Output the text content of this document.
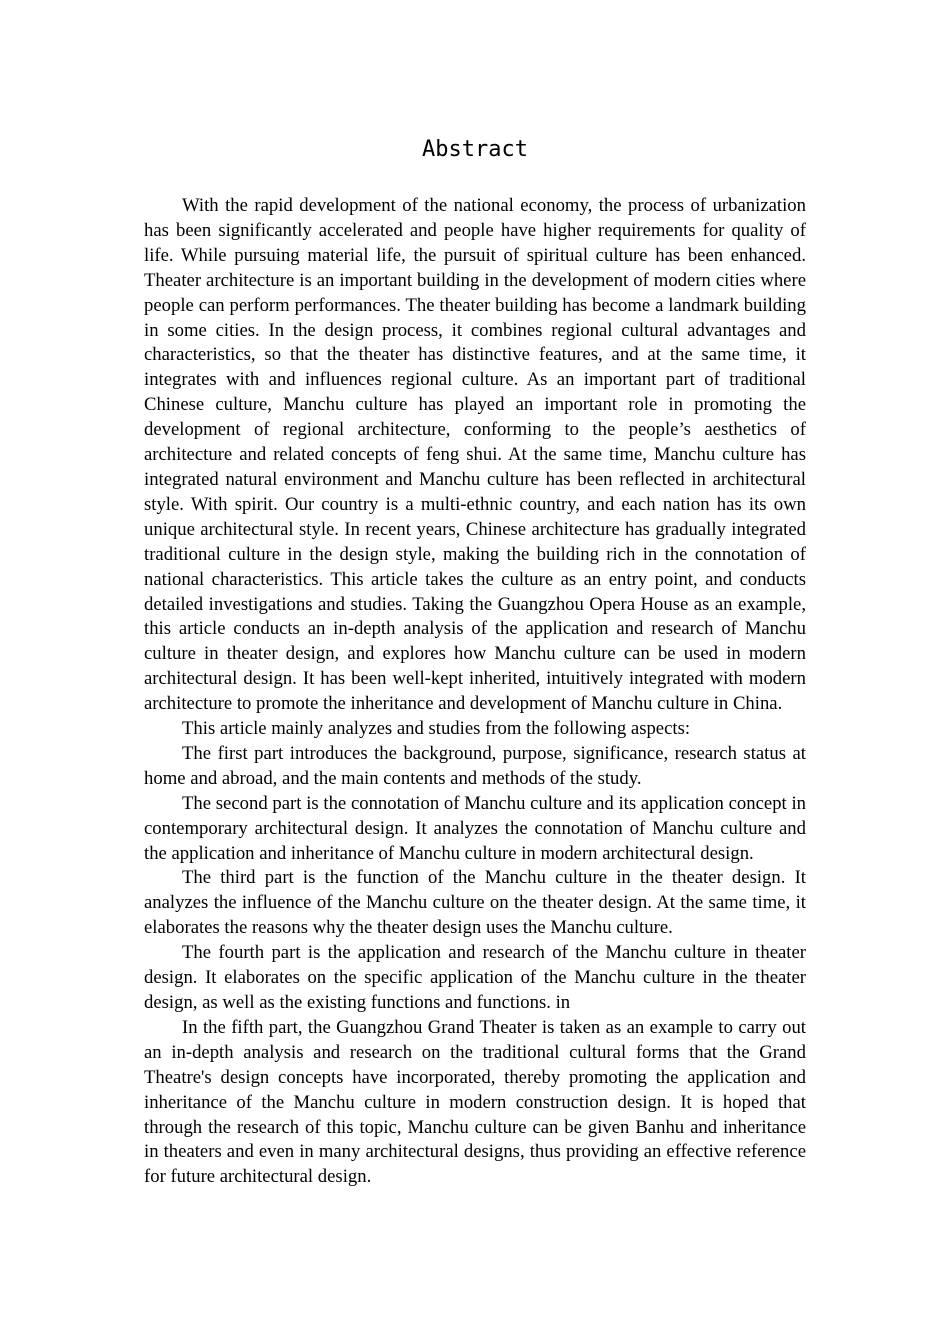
Abstract

With the rapid development of the national economy, the process of urbanization has been significantly accelerated and people have higher requirements for quality of life. While pursuing material life, the pursuit of spiritual culture has been enhanced. Theater architecture is an important building in the development of modern cities where people can perform performances. The theater building has become a landmark building in some cities. In the design process, it combines regional cultural advantages and characteristics, so that the theater has distinctive features, and at the same time, it integrates with and influences regional culture. As an important part of traditional Chinese culture, Manchu culture has played an important role in promoting the development of regional architecture, conforming to the people’s aesthetics of architecture and related concepts of feng shui. At the same time, Manchu culture has integrated natural environment and Manchu culture has been reflected in architectural style. With spirit. Our country is a multi-ethnic country, and each nation has its own unique architectural style. In recent years, Chinese architecture has gradually integrated traditional culture in the design style, making the building rich in the connotation of national characteristics. This article takes the culture as an entry point, and conducts detailed investigations and studies. Taking the Guangzhou Opera House as an example, this article conducts an in-depth analysis of the application and research of Manchu culture in theater design, and explores how Manchu culture can be used in modern architectural design. It has been well-kept inherited, intuitively integrated with modern architecture to promote the inheritance and development of Manchu culture in China.

This article mainly analyzes and studies from the following aspects:

The first part introduces the background, purpose, significance, research status at home and abroad, and the main contents and methods of the study.

The second part is the connotation of Manchu culture and its application concept in contemporary architectural design. It analyzes the connotation of Manchu culture and the application and inheritance of Manchu culture in modern architectural design.

The third part is the function of the Manchu culture in the theater design. It analyzes the influence of the Manchu culture on the theater design. At the same time, it elaborates the reasons why the theater design uses the Manchu culture.

The fourth part is the application and research of the Manchu culture in theater design. It elaborates on the specific application of the Manchu culture in the theater design, as well as the existing functions and functions. in

In the fifth part, the Guangzhou Grand Theater is taken as an example to carry out an in-depth analysis and research on the traditional cultural forms that the Grand Theatre's design concepts have incorporated, thereby promoting the application and inheritance of the Manchu culture in modern construction design. It is hoped that through the research of this topic, Manchu culture can be given Banhu and inheritance in theaters and even in many architectural designs, thus providing an effective reference for future architectural design.
